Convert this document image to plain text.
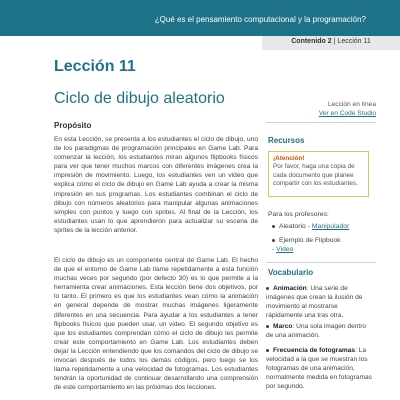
¿Qué es el pensamiento computacional y la programación?
Contenido 2 | Lección 11
Lección 11
Ciclo de dibujo aleatorio
Propósito

En esta Lección, se presenta a los estudiantes el ciclo de dibujo, uno de los paradigmas de programación principales en Game Lab. Para comenzar la lección, los estudiantes miran algunos flipbooks físicos para ver que tener muchos marcos con diferentes imágenes crea la impresión de movimiento. Luego, los estudiantes ven un video que explica cómo el ciclo de dibujo en Game Lab ayuda a crear la misma impresión en sus programas. Los estudiantes combinan el ciclo de dibujo con números aleatorios para manipular algunas animaciones simples con puntos y luego con sprites. Al final de la Lección, los estudiantes usan lo que aprendieron para actualizar su escena de sprites de la lección anterior.

El ciclo de dibujo es un componente central de Game Lab. El hecho de que el entorno de Game Lab llame repetidamente a esta función muchas veces por segundo (por defecto 30) es lo que permite a la herramienta crear animaciones. Esta lección tiene dos objetivos, por lo tanto. El primero es que los estudiantes vean cómo la animación en general depende de mostrar muchas imágenes ligeramente diferentes en una secuencia. Para ayudar a los estudiantes a tener flipbooks físicos que pueden usar, un video. El segundo objetivo es que los estudiantes comprendan cómo el ciclo de dibujo les permite crear este comportamiento en Game Lab. Los estudiantes deben dejar la Lección entendiendo que los comandos del ciclo de dibujo se invocan después de todos los demás códigos, pero luego se los llama repetidamente a una velocidad de fotogramas. Los estudiantes tendrán la oportunidad de continuar desarrollando una comprensión de este comportamiento en las próximas dos lecciones.

Lección en línea
Ver en Code Studio
Recursos
¡Atención!
Por favor, haga una copia de cada documento que planee compartir con los estudiantes.
Para los profesores:
Aleatorio - Manipulador
Ejemplo de Flipbook - Video
Vocabulario
Animación: Una serie de imágenes que crean la ilusión de movimiento al mostrarse rápidamente una tras otra.
Marco: Una sola imagen dentro de una animación.
Frecuencia de fotogramas: La velocidad a la que se muestran los fotogramas de una animación, normalmente medida en fotogramas por segundo.
